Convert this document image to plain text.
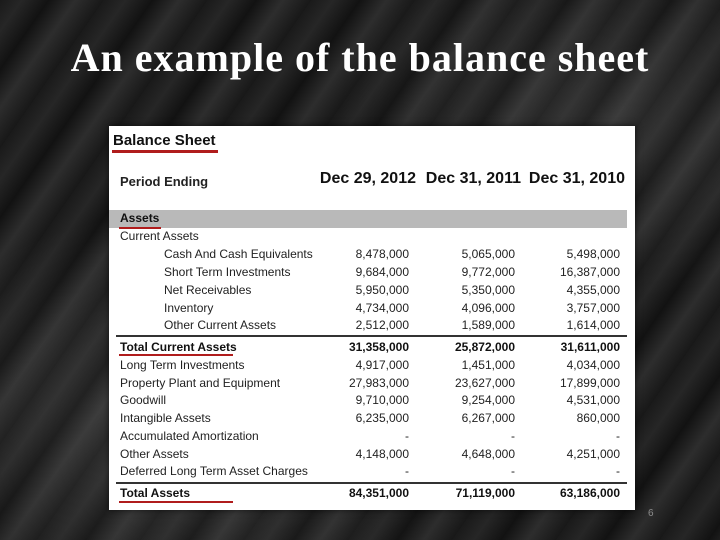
An example of the balance sheet
Balance Sheet
Period Ending	Dec 29, 2012 Dec 31, 2011 Dec 31, 2010
Assets
Current Assets
Cash And Cash Equivalents	8,478,000	5,065,000	5,498,000
Short Term Investments	9,684,000	9,772,000	16,387,000
Net Receivables	5,950,000	5,350,000	4,355,000
Inventory	4,734,000	4,096,000	3,757,000
Other Current Assets	2,512,000	1,589,000	1,614,000
Total Current Assets	31,358,000	25,872,000	31,611,000
Long Term Investments	4,917,000	1,451,000	4,034,000
Property Plant and Equipment	27,983,000	23,627,000	17,899,000
Goodwill	9,710,000	9,254,000	4,531,000
Intangible Assets	6,235,000	6,267,000	860,000
Accumulated Amortization	-	-	-
Other Assets	4,148,000	4,648,000	4,251,000
Deferred Long Term Asset Charges	-	-	-
Total Assets	84,351,000	71,119,000	63,186,000
6
